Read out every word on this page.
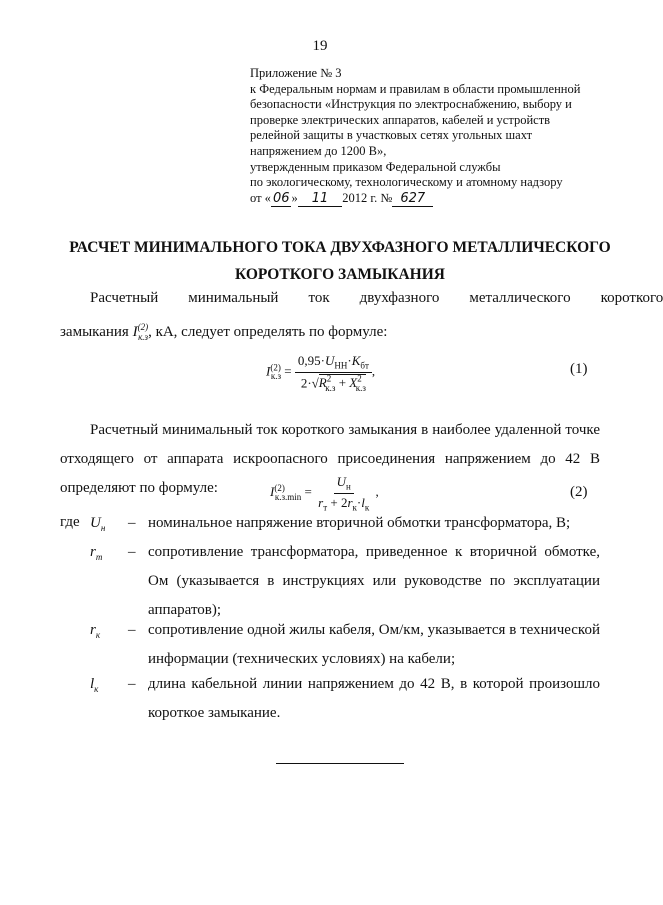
19
Приложение № 3
к Федеральным нормам и правилам в области промышленной
безопасности «Инструкция по электроснабжению, выбору и
проверке электрических аппаратов, кабелей и устройств
релейной защиты в участковых сетях угольных шахт
напряжением до 1200 В»,
утвержденным приказом Федеральной службы
по экологическому, технологическому и атомному надзору
от « 06 » 11 2012 г. № 627
РАСЧЕТ МИНИМАЛЬНОГО ТОКА ДВУХФАЗНОГО МЕТАЛЛИЧЕСКОГО
КОРОТКОГО ЗАМЫКАНИЯ
Расчетный	минимальный	ток	двухфазного	металлического	короткого
замыкания $I^{(2)}_{к.з}$, кА, следует определять по формуле:
$I^{(2)}_{к.з} = \frac{0,95\cdot U_{НН}\cdot K_{бт}}{2\cdot√R^2_{к.з} + X^2_{к.з}}$ ,	(1)
Расчетный минимальный ток короткого замыкания в наиболее удаленной точке отходящего от аппарата искроопасного присоединения напряжением до 42 В определяют по формуле:	$I^{(2)}_{к.з.min} = \frac{U_н}{r_т + 2r_к\cdot l_к}$ ,	(2)
где $U_н$	– номинальное напряжение вторичной обмотки трансформатора, В;
$r_т$	– сопротивление трансформатора, приведенное к вторичной обмотке, Ом (указывается в инструкциях или руководстве по эксплуатации аппаратов);
$r_к$	– сопротивление одной жилы кабеля, Ом/км, указывается в технической информации (технических условиях) на кабели;
$l_к$	– длина кабельной линии напряжением до 42 В, в которой произошло короткое замыкание.
